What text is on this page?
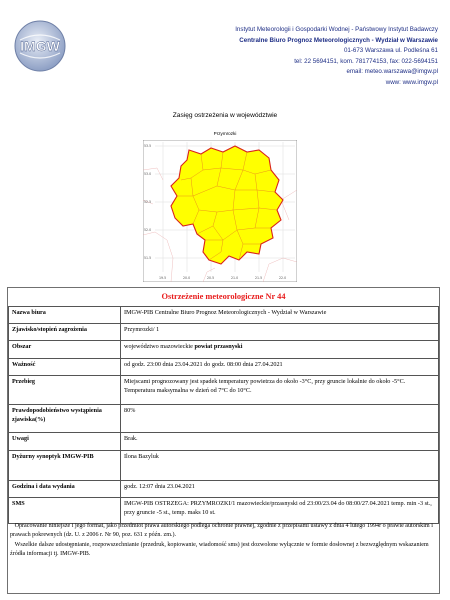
IMGW
Instytut Meteorologii i Gospodarki Wodnej - Państwowy Instytut Badawczy
Centralne Biuro Prognoz Meteorologicznych - Wydział w Warszawie
01-673 Warszawa ul. Podleśna 61
tel: 22 5694151, kom. 781774153, fax: 022-5694151
email: meteo.warszawa@imgw.pl
www: www.imgw.pl
Zasięg ostrzeżenia w województwie
Przymrozki
53.5
53.0
52.5
52.0
51.5
19.5	20.0	20.5	21.0	21.5	22.0
Ostrzeżenie meteorologiczne Nr 44
Nazwa biura	IMGW-PIB Centralne Biuro Prognoz Meteorologicznych - Wydział w Warszawie
Zjawisko/stopień zagrożenia	Przymrozki/ 1
Obszar	województwo mazowieckie powiat przasnyski
Ważność	od godz. 23:00 dnia 23.04.2021 do godz. 08:00 dnia 27.04.2021
Przebieg	Miejscami prognozowany jest spadek temperatury powietrza do około -3°C, przy gruncie lokalnie do około -5°C. Temperatura maksymalna w dzień od 7°C do 10°C.
Prawdopodobieństwo wystąpienia zjawiska(%)	80%
Uwagi	Brak.
Dyżurny synoptyk IMGW-PIB	Ilona Bazyluk
Godzina i data wydania	godz. 12:07 dnia 23.04.2021
SMS	IMGW-PIB OSTRZEGA: PRZYMROZKI/1 mazowieckie/przasnyski od 23:00/23.04 do 08:00/27.04.2021 temp. min -3 st., przy gruncie -5 st., temp. maks 10 st.
Opracowanie niniejsze i jego format, jako przedmiot prawa autorskiego podlega ochronie prawnej, zgodnie z przepisami ustawy z dnia 4 lutego 1994r o prawie autorskim i prawach pokrewnych (dz. U. z 2006 r. Nr 90, poz. 631 z późn. zm.).
Wszelkie dalsze udostępnianie, rozpowszechnianie (przedruk, kopiowanie, wiadomość sms) jest dozwolone wyłącznie w formie dosłownej z bezwzględnym wskazaniem źródła informacji tj. IMGW-PIB.
